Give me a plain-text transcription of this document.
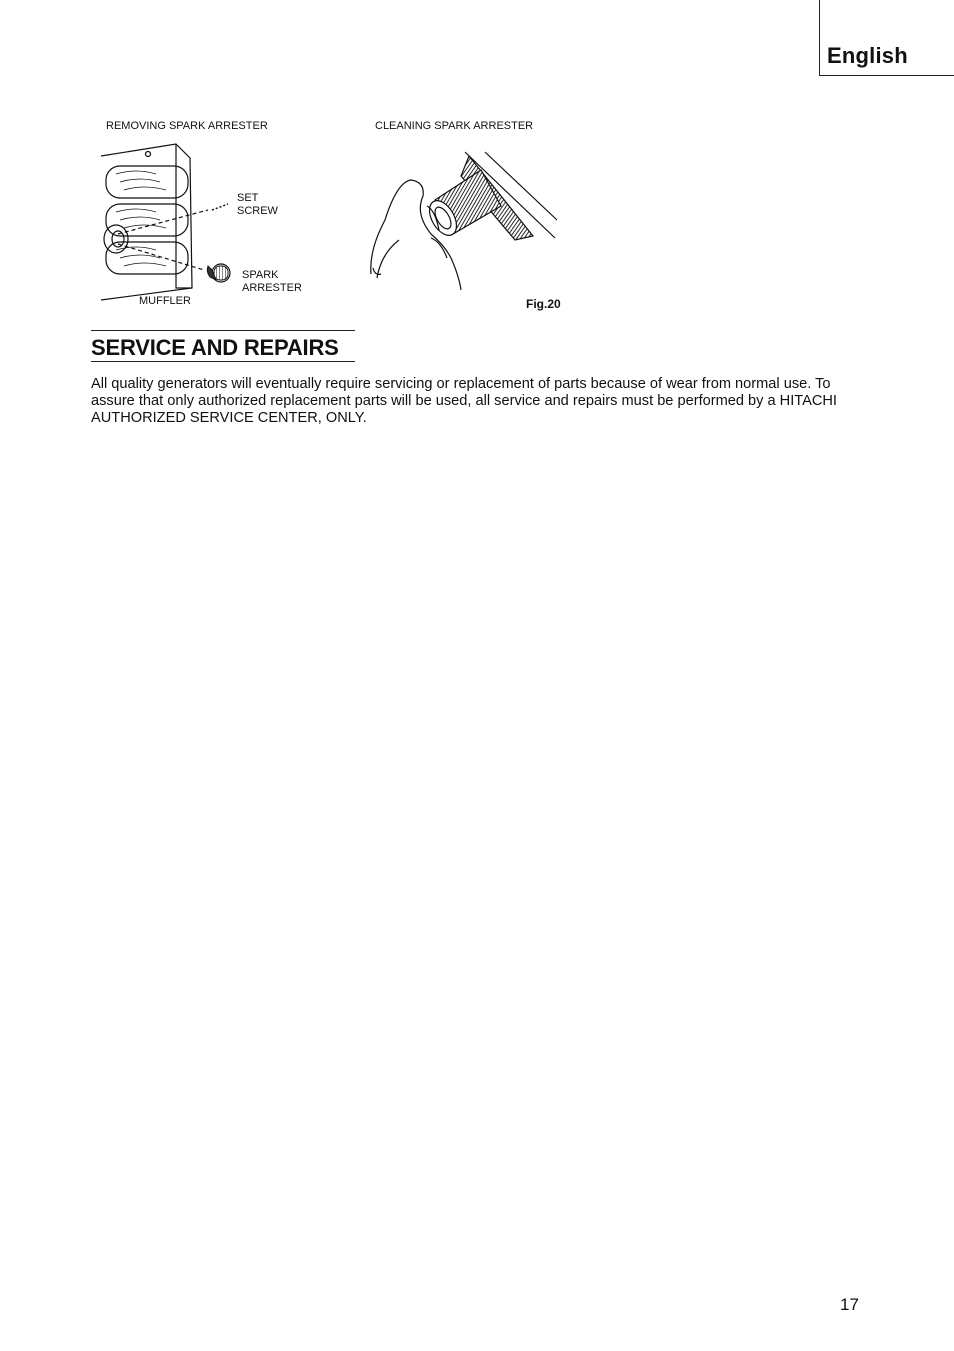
English
REMOVING SPARK ARRESTER	CLEANING SPARK ARRESTER
SET
SCREW
SPARK
ARRESTER
MUFFLER	Fig.20
SERVICE AND REPAIRS

All quality generators will eventually require servicing or replacement of parts because of wear from normal use. To assure that only authorized replacement parts will be used, all service and repairs must be performed by a HITACHI AUTHORIZED SERVICE CENTER, ONLY.

17
